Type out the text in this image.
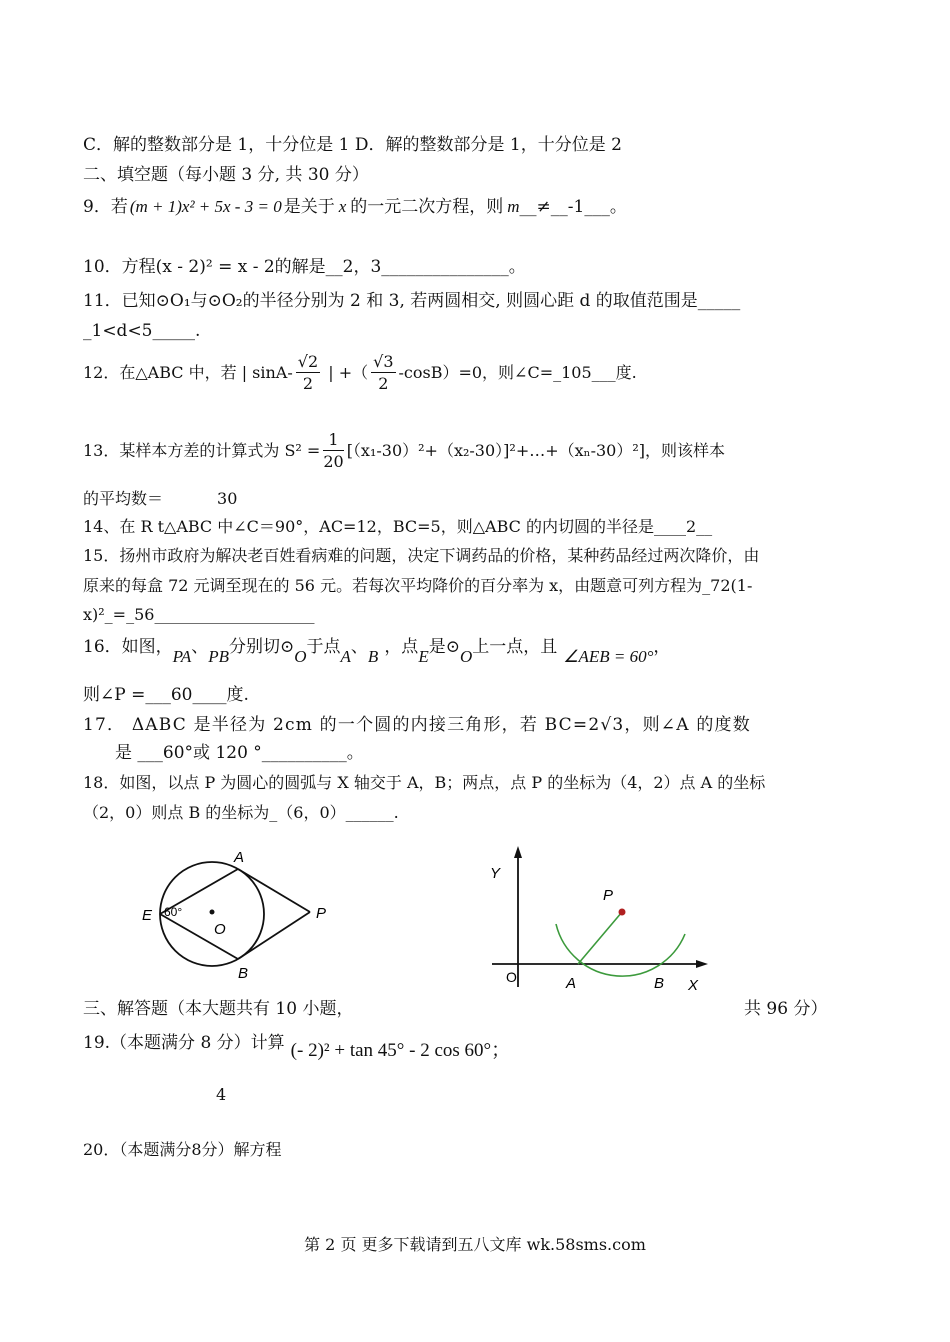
C．解的整数部分是 1，十分位是 1 D．解的整数部分是 1，十分位是 2
二、填空题（每小题 3 分, 共 30 分）
9．若 (m + 1)x² + 5x - 3 = 0 是关于 x 的一元二次方程，则 m__≠__-1___。
10．方程(x - 2)² = x - 2的解是__2，3_______________。
11．已知⊙O₁与⊙O₂的半径分别为 2 和 3, 若两圆相交, 则圆心距 d 的取值范围是_____
_1<d<5_____.
12．在△ABC 中，若 | $\sin A- \frac{√2}{2}$ | +（ $\frac{√3}{2} -\cos B)=0$，则∠C=_105___度.
13．某样本方差的计算式为 $S^2 = \frac{1}{20}$ [（x₁-30）²+（x₂-30）]²+…+（xₙ-30）²]，则该样本
的平均数＝	30
14、在 R t△ABC 中∠C＝90°，AC=12，BC=5，则△ABC 的内切圆的半径是____2__
15．扬州市政府为解决老百姓看病难的问题，决定下调药品的价格，某种药品经过两次降价，由
原来的每盒 72 元调至现在的 56 元。若每次平均降价的百分率为 x，由题意可列方程为_72(1-
x)²_=_56____________________
16．如图，PA、PB分别切⊙O于点A、B ，点E是⊙O上一点，且 ∠AEB = 60°，
则∠P =___60____度.
17． ΔABC 是半径为 2cm 的一个圆的内接三角形，若 BC=2√3，则∠A 的度数
是 ___60°或 120 °__________。
18．如图，以点 P 为圆心的圆弧与 X 轴交于 A，B；两点，点 P 的坐标为（4，2）点 A 的坐标
（2，0）则点 B 的坐标为_（6，0）______.
A
B
E	P
O
60°
Y
X
O	A	B
P
三、解答题（本大题共有 10 小题，	共 96 分）
19.（本题满分 8 分）计算 (- 2)² + tan 45° - 2 cos 60°；
4
20．（本题满分8分）解方程
第 2 页 更多下载请到五八文库 wk.58sms.com
